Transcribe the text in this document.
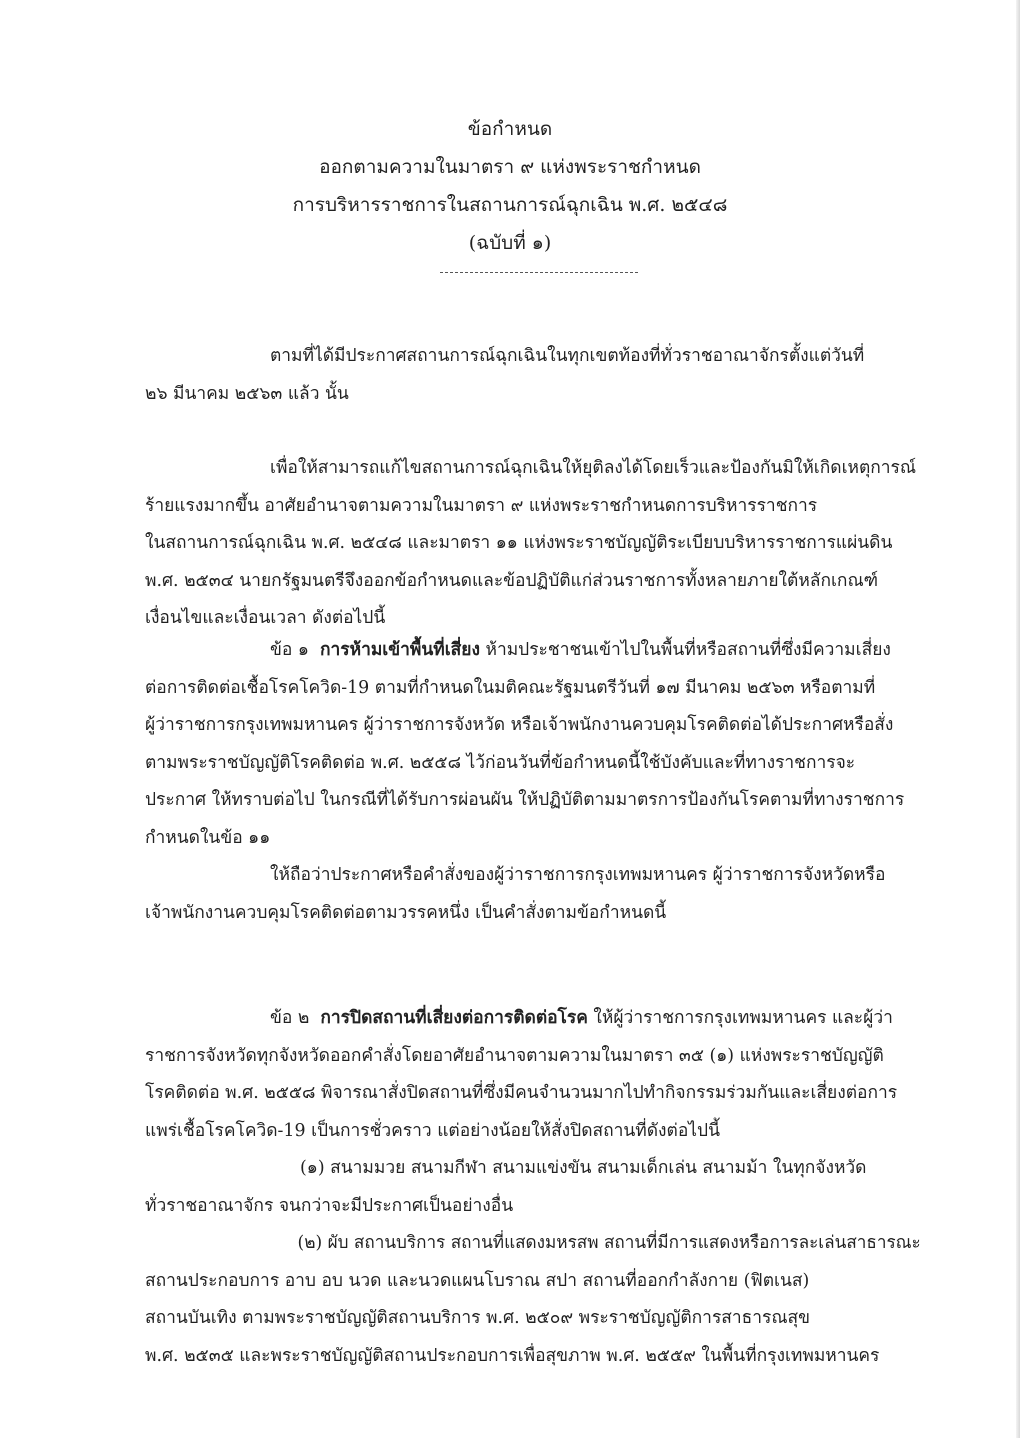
ข้อกำหนด
ออกตามความในมาตรา ๙ แห่งพระราชกำหนด
การบริหารราชการในสถานการณ์ฉุกเฉิน พ.ศ. ๒๕๔๘
(ฉบับที่ ๑)
ตามที่ได้มีประกาศสถานการณ์ฉุกเฉินในทุกเขตท้องที่ทั่วราชอาณาจักรตั้งแต่วันที่
๒๖ มีนาคม ๒๕๖๓ แล้ว นั้น
เพื่อให้สามารถแก้ไขสถานการณ์ฉุกเฉินให้ยุติลงได้โดยเร็วและป้องกันมิให้เกิดเหตุการณ์
ร้ายแรงมากขึ้น อาศัยอำนาจตามความในมาตรา ๙ แห่งพระราชกำหนดการบริหารราชการ
ในสถานการณ์ฉุกเฉิน พ.ศ. ๒๕๔๘ และมาตรา ๑๑ แห่งพระราชบัญญัติระเบียบบริหารราชการแผ่นดิน
พ.ศ. ๒๕๓๔ นายกรัฐมนตรีจึงออกข้อกำหนดและข้อปฏิบัติแก่ส่วนราชการทั้งหลายภายใต้หลักเกณฑ์
เงื่อนไขและเงื่อนเวลา ดังต่อไปนี้
ข้อ ๑ การห้ามเข้าพื้นที่เสี่ยง ห้ามประชาชนเข้าไปในพื้นที่หรือสถานที่ซึ่งมีความเสี่ยง
ต่อการติดต่อเชื้อโรคโควิด-19 ตามที่กำหนดในมติคณะรัฐมนตรีวันที่ ๑๗ มีนาคม ๒๕๖๓ หรือตามที่
ผู้ว่าราชการกรุงเทพมหานคร ผู้ว่าราชการจังหวัด หรือเจ้าพนักงานควบคุมโรคติดต่อได้ประกาศหรือสั่ง
ตามพระราชบัญญัติโรคติดต่อ พ.ศ. ๒๕๕๘ ไว้ก่อนวันที่ข้อกำหนดนี้ใช้บังคับและที่ทางราชการจะ
ประกาศ ให้ทราบต่อไป ในกรณีที่ได้รับการผ่อนผัน ให้ปฏิบัติตามมาตรการป้องกันโรคตามที่ทางราชการ
กำหนดในข้อ ๑๑
ให้ถือว่าประกาศหรือคำสั่งของผู้ว่าราชการกรุงเทพมหานคร ผู้ว่าราชการจังหวัดหรือ
เจ้าพนักงานควบคุมโรคติดต่อตามวรรคหนึ่ง เป็นคำสั่งตามข้อกำหนดนี้
ข้อ ๒ การปิดสถานที่เสี่ยงต่อการติดต่อโรค ให้ผู้ว่าราชการกรุงเทพมหานคร และผู้ว่า
ราชการจังหวัดทุกจังหวัดออกคำสั่งโดยอาศัยอำนาจตามความในมาตรา ๓๕ (๑) แห่งพระราชบัญญัติ
โรคติดต่อ พ.ศ. ๒๕๕๘ พิจารณาสั่งปิดสถานที่ซึ่งมีคนจำนวนมากไปทำกิจกรรมร่วมกันและเสี่ยงต่อการ
แพร่เชื้อโรคโควิด-19 เป็นการชั่วคราว แต่อย่างน้อยให้สั่งปิดสถานที่ดังต่อไปนี้
(๑) สนามมวย สนามกีฬา สนามแข่งขัน สนามเด็กเล่น สนามม้า ในทุกจังหวัด
ทั่วราชอาณาจักร จนกว่าจะมีประกาศเป็นอย่างอื่น
(๒) ผับ สถานบริการ สถานที่แสดงมหรสพ สถานที่มีการแสดงหรือการละเล่นสาธารณะ
สถานประกอบการ อาบ อบ นวด และนวดแผนโบราณ สปา สถานที่ออกกำลังกาย (ฟิตเนส)
สถานบันเทิง ตามพระราชบัญญัติสถานบริการ พ.ศ. ๒๕๐๙ พระราชบัญญัติการสาธารณสุข
พ.ศ. ๒๕๓๕ และพระราชบัญญัติสถานประกอบการเพื่อสุขภาพ พ.ศ. ๒๕๕๙ ในพื้นที่กรุงเทพมหานคร
